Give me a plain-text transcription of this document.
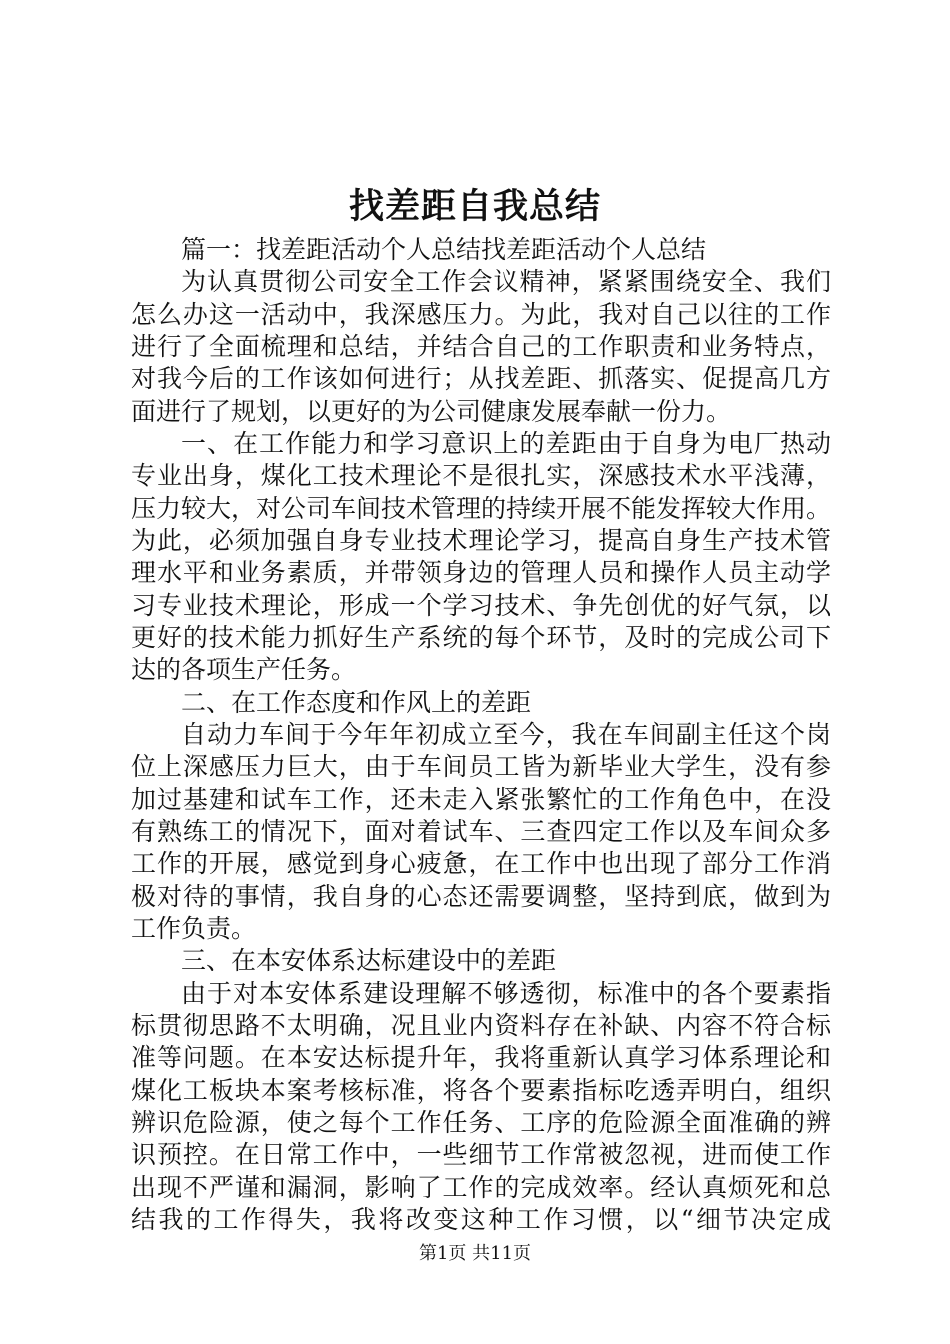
找差距自我总结
篇一：找差距活动个人总结找差距活动个人总结
为认真贯彻公司安全工作会议精神，紧紧围绕安全、我们
怎么办这一活动中，我深感压力。为此，我对自己以往的工作
进行了全面梳理和总结，并结合自己的工作职责和业务特点，
对我今后的工作该如何进行；从找差距、抓落实、促提高几方
面进行了规划，以更好的为公司健康发展奉献一份力。
一、在工作能力和学习意识上的差距由于自身为电厂热动
专业出身，煤化工技术理论不是很扎实，深感技术水平浅薄，
压力较大，对公司车间技术管理的持续开展不能发挥较大作用。
为此，必须加强自身专业技术理论学习，提高自身生产技术管
理水平和业务素质，并带领身边的管理人员和操作人员主动学
习专业技术理论，形成一个学习技术、争先创优的好气氛，以
更好的技术能力抓好生产系统的每个环节，及时的完成公司下
达的各项生产任务。
二、在工作态度和作风上的差距
自动力车间于今年年初成立至今，我在车间副主任这个岗
位上深感压力巨大，由于车间员工皆为新毕业大学生，没有参
加过基建和试车工作，还未走入紧张繁忙的工作角色中，在没
有熟练工的情况下，面对着试车、三查四定工作以及车间众多
工作的开展，感觉到身心疲惫，在工作中也出现了部分工作消
极对待的事情，我自身的心态还需要调整，坚持到底，做到为
工作负责。
三、在本安体系达标建设中的差距
由于对本安体系建设理解不够透彻，标准中的各个要素指
标贯彻思路不太明确，况且业内资料存在补缺、内容不符合标
准等问题。在本安达标提升年，我将重新认真学习体系理论和
煤化工板块本案考核标准，将各个要素指标吃透弄明白，组织
辨识危险源，使之每个工作任务、工序的危险源全面准确的辨
识预控。在日常工作中，一些细节工作常被忽视，进而使工作
出现不严谨和漏洞，影响了工作的完成效率。经认真烦死和总
结我的工作得失，我将改变这种工作习惯，以“细节决定成
第1页 共11页
